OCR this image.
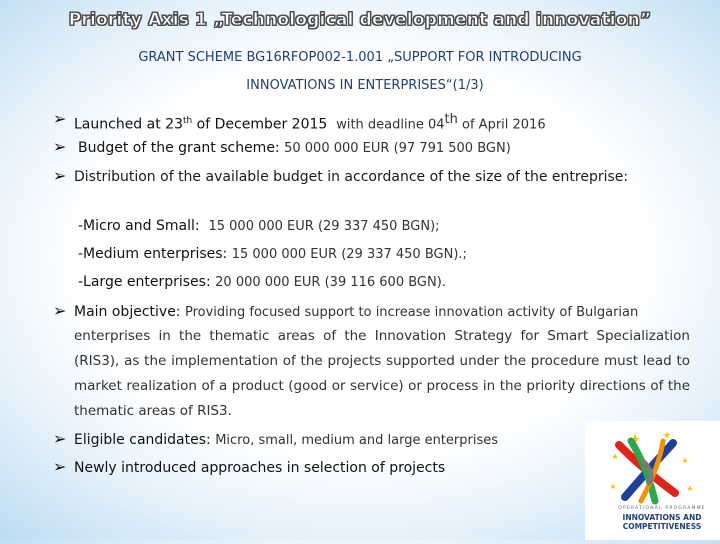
Priority Axis 1 „Technological development and innovation”
GRANT SCHEME BG16RFOP002-1.001 „SUPPORT FOR INTRODUCING
INNOVATIONS IN ENTERPRISES“(1/3)
➢ Launched at 23th of December 2015 with deadline 04th of April 2016
➢ Budget of the grant scheme: 50 000 000 EUR (97 791 500 BGN)
➢ Distribution of the available budget in accordance of the size of the entreprise:
-Micro and Small: 15 000 000 EUR (29 337 450 BGN);
-Medium enterprises: 15 000 000 EUR (29 337 450 BGN).;
-Large enterprises: 20 000 000 EUR (39 116 600 BGN).
➢ Main objective: Providing focused support to increase innovation activity of Bulgarian
enterprises in the thematic areas of the Innovation Strategy for Smart Specialization (RIS3), as the implementation of the projects supported under the procedure must lead to market realization of a product (good or service) or process in the priority directions of the thematic areas of RIS3.
➢ Eligible candidates: Micro, small, medium and large enterprises
➢ Newly introduced approaches in selection of projects
OPERATIONAL PROGRAMME
INNOVATIONS AND
COMPETITIVENESS
